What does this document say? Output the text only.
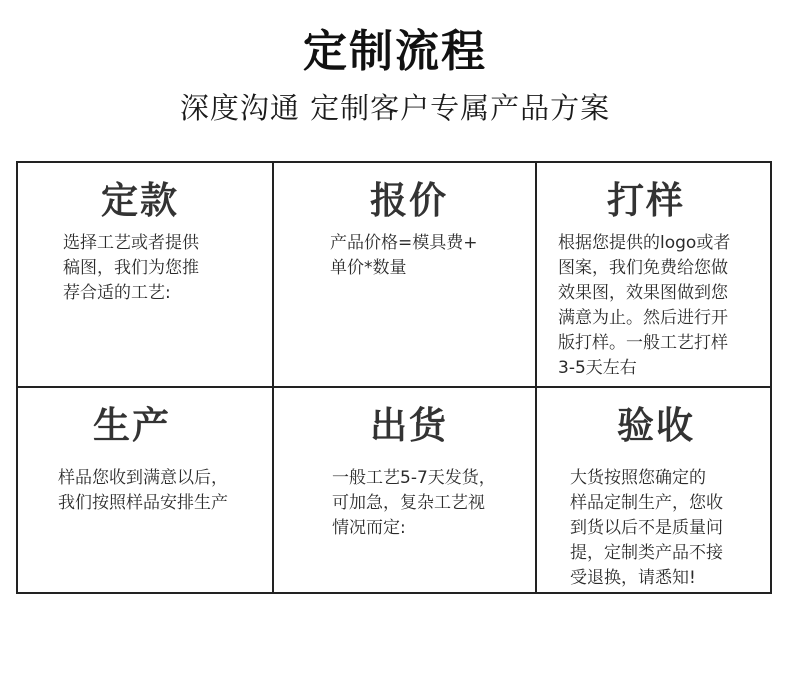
定制流程
深度沟通 定制客户专属产品方案
定款
选择工艺或者提供
稿图，我们为您推
荐合适的工艺:
报价
产品价格=模具费+
单价*数量
打样
根据您提供的logo或者
图案，我们免费给您做
效果图，效果图做到您
满意为止。然后进行开
版打样。一般工艺打样
3-5天左右
生产
样品您收到满意以后，
我们按照样品安排生产
出货
一般工艺5-7天发货，
可加急，复杂工艺视
情况而定:
验收
大货按照您确定的
样品定制生产，您收
到货以后不是质量问
提，定制类产品不接
受退换，请悉知!
